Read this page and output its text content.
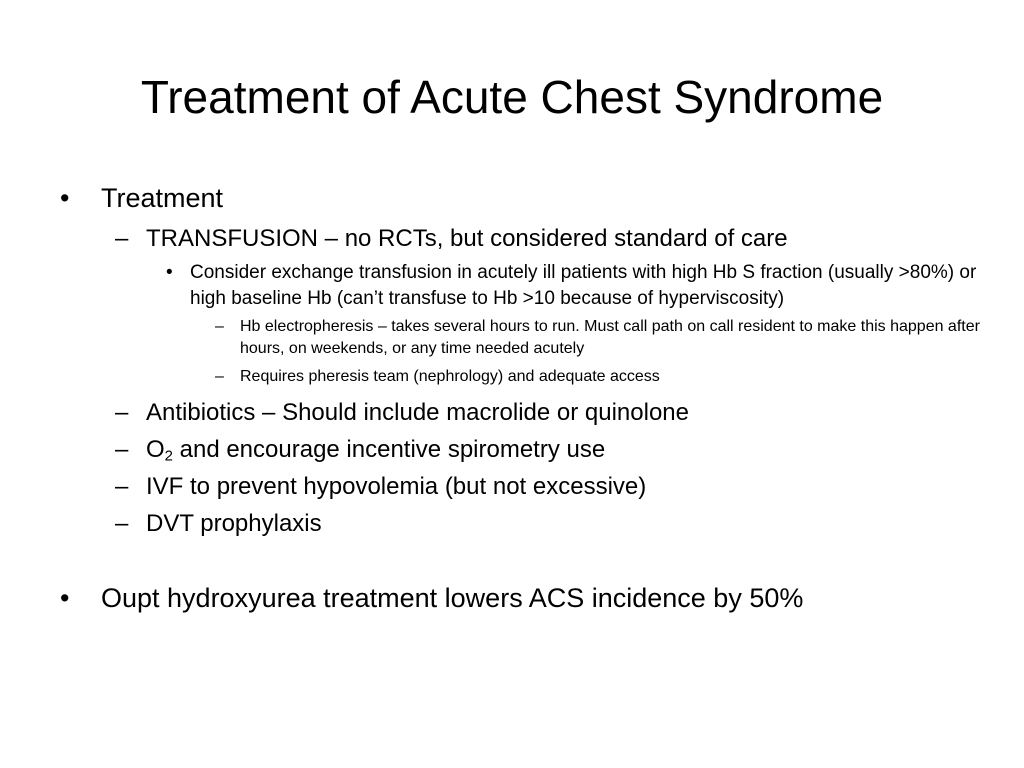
Treatment of Acute Chest Syndrome
• Treatment
– TRANSFUSION – no RCTs, but considered standard of care
• Consider exchange transfusion in acutely ill patients with high Hb S fraction (usually >80%) or high baseline Hb (can’t transfuse to Hb >10 because of hyperviscosity)
– Hb electropheresis – takes several hours to run. Must call path on call resident to make this happen after hours, on weekends, or any time needed acutely
– Requires pheresis team (nephrology) and adequate access
– Antibiotics – Should include macrolide or quinolone
– $O_2$ and encourage incentive spirometry use
– IVF to prevent hypovolemia (but not excessive)
– DVT prophylaxis
• Oupt hydroxyurea treatment lowers ACS incidence by 50%
